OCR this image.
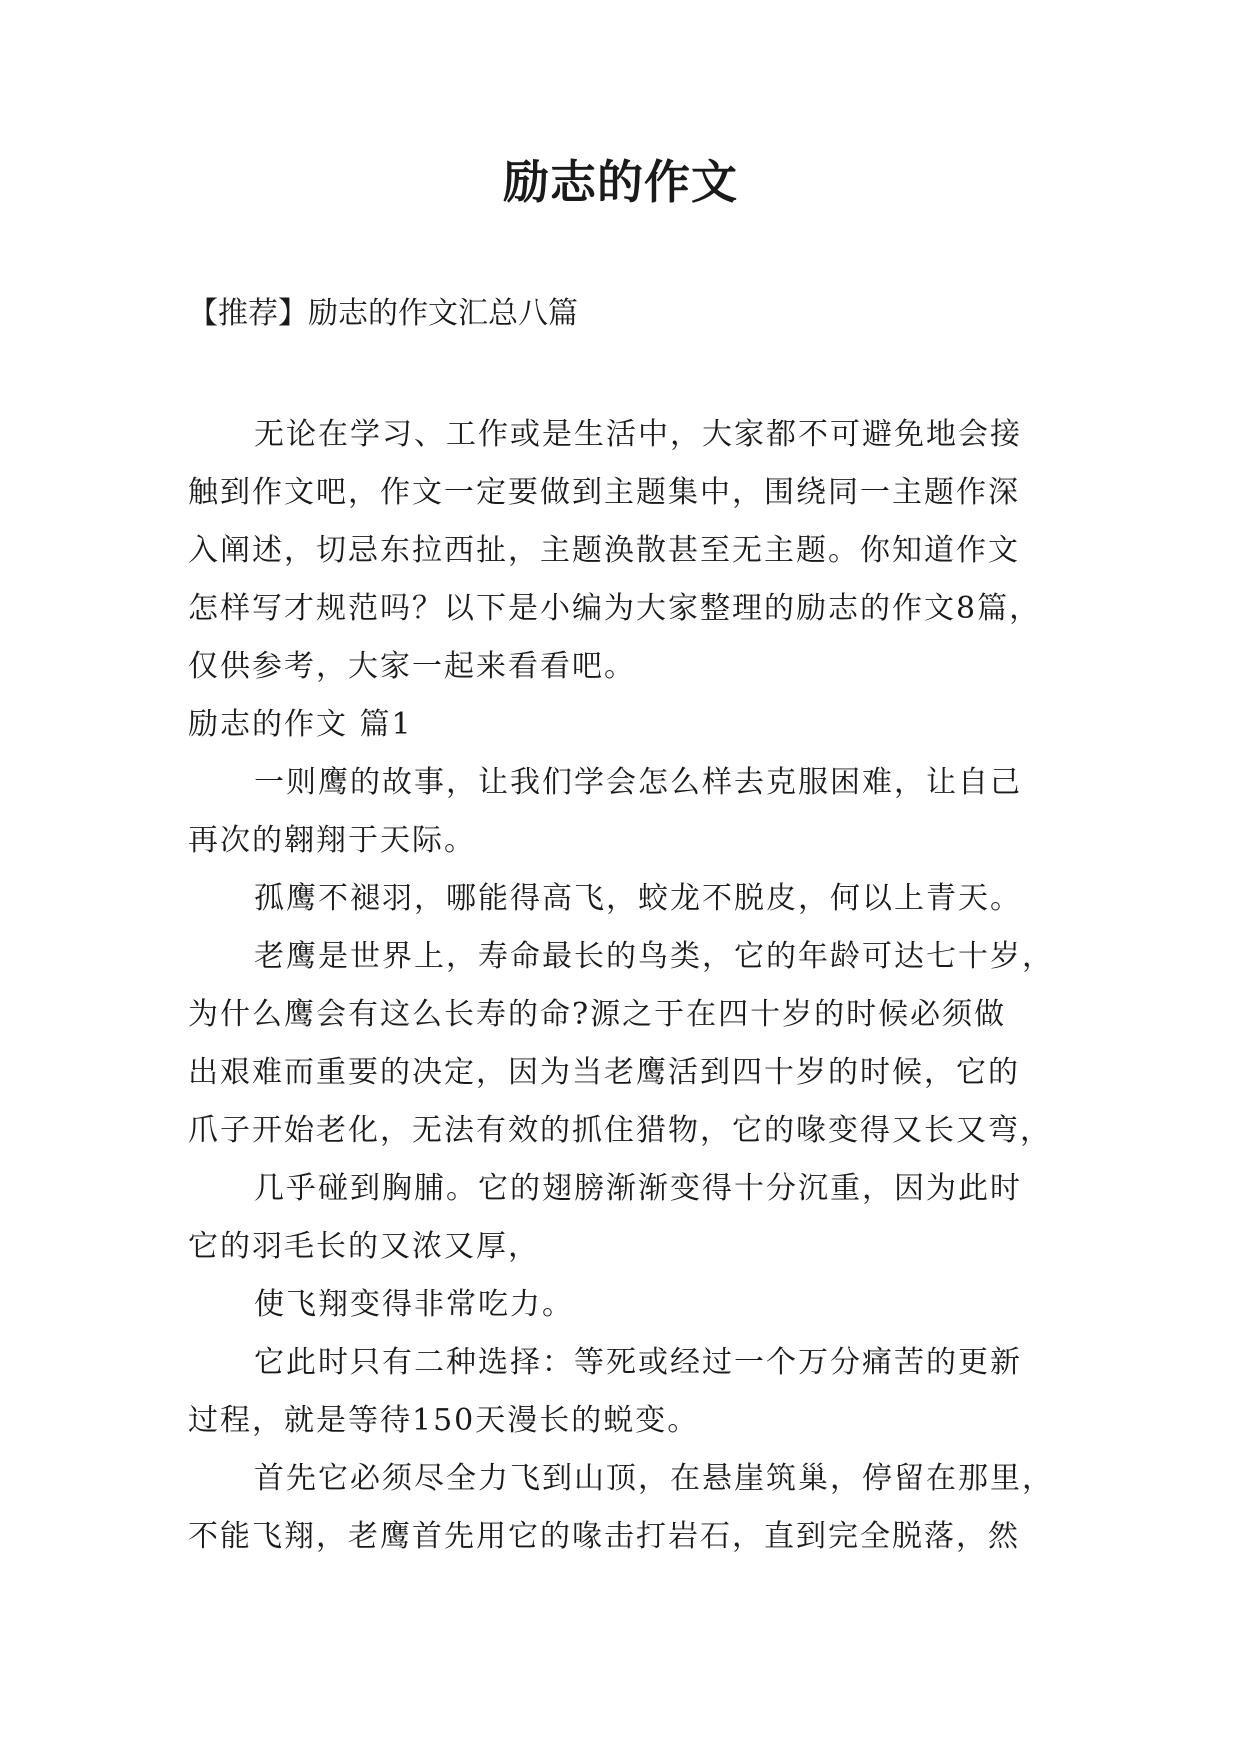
励志的作文
【推荐】励志的作文汇总八篇
无论在学习、工作或是生活中，大家都不可避免地会接
触到作文吧，作文一定要做到主题集中，围绕同一主题作深
入阐述，切忌东拉西扯，主题涣散甚至无主题。你知道作文
怎样写才规范吗？以下是小编为大家整理的励志的作文8篇，
仅供参考，大家一起来看看吧。
励志的作文 篇1
一则鹰的故事，让我们学会怎么样去克服困难，让自己
再次的翱翔于天际。
孤鹰不褪羽，哪能得高飞，蛟龙不脱皮，何以上青天。
老鹰是世界上，寿命最长的鸟类，它的年龄可达七十岁，
为什么鹰会有这么长寿的命?源之于在四十岁的时候必须做
出艰难而重要的决定，因为当老鹰活到四十岁的时候，它的
爪子开始老化，无法有效的抓住猎物，它的喙变得又长又弯，
几乎碰到胸脯。它的翅膀渐渐变得十分沉重，因为此时
它的羽毛长的又浓又厚，
使飞翔变得非常吃力。
它此时只有二种选择：等死或经过一个万分痛苦的更新
过程，就是等待150天漫长的蜕变。
首先它必须尽全力飞到山顶，在悬崖筑巢，停留在那里，
不能飞翔，老鹰首先用它的喙击打岩石，直到完全脱落，然
